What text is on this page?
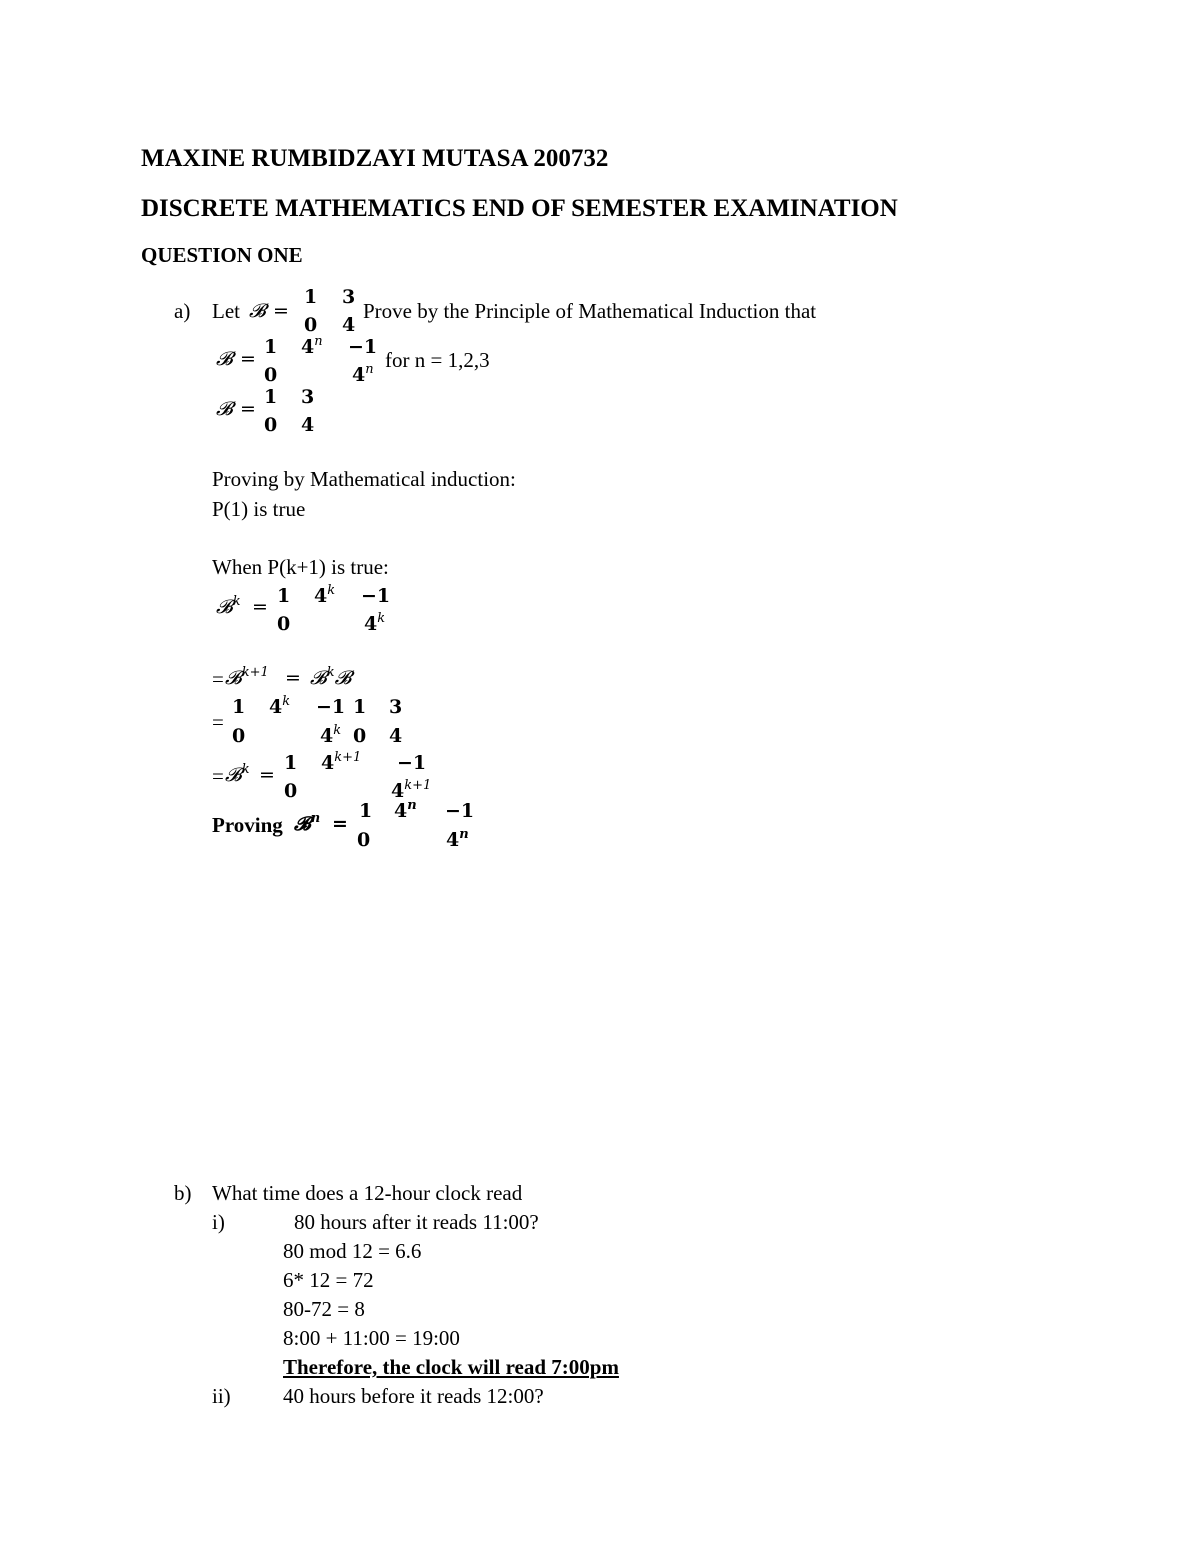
MAXINE RUMBIDZAYI MUTASA 200732
DISCRETE MATHEMATICS END OF SEMESTER EXAMINATION
QUESTION ONE
a) Let 𝓑 =
1 3
0 4
Prove by the Principle of Mathematical Induction that
𝓑 =
1 $4^n -1$
0	4$^n$ for n = 1,2,3
𝓑 =
1 3
0 4
Proving by Mathematical induction:
P(1) is true
When P(k+1) is true:
𝓑$^k$ = 1 $4^k -1$
0	$4^k$
= 𝓑$^{k+1}$ = 𝓑$^k$𝓑
=
1 $4^k -1$ 1 3
0	4$^k$ 0 4
= 𝓑$^k$ =
1 $4^{k+1} -1$
0	$4^{k+1}$
Proving 𝓑$^n$ =
1 $4^n -1$
0	4$^n$
b) What time does a 12-hour clock read
i)	80 hours after it reads 11:00?
80 mod 12 = 6.6
6* 12 = 72
80-72 = 8
8:00 + 11:00 = 19:00
Therefore, the clock will read 7:00pm
ii) 40 hours before it reads 12:00?
